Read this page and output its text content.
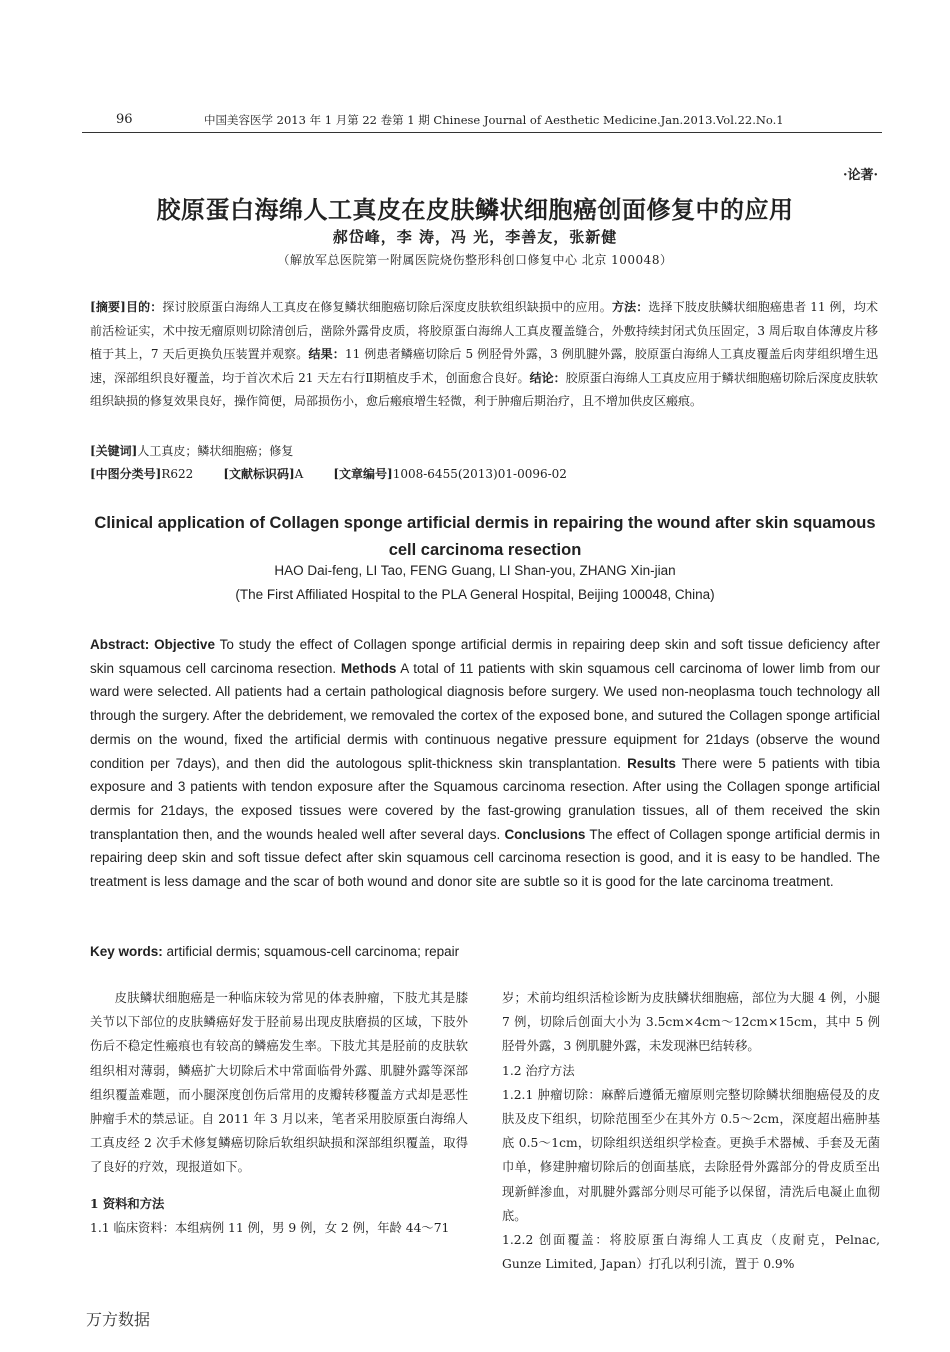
96	中国美容医学 2013 年 1 月第 22 卷第 1 期 Chinese Journal of Aesthetic Medicine.Jan.2013.Vol.22.No.1
·论著·
胶原蛋白海绵人工真皮在皮肤鳞状细胞癌创面修复中的应用
郝岱峰，李 涛，冯 光，李善友，张新健
（解放军总医院第一附属医院烧伤整形科创口修复中心 北京 100048）
[摘要]目的：探讨胶原蛋白海绵人工真皮在修复鳞状细胞癌切除后深度皮肤软组织缺损中的应用。方法：选择下肢皮肤鳞状细胞癌患者 11 例，均术前活检证实，术中按无瘤原则切除清创后，凿除外露骨皮质，将胶原蛋白海绵人工真皮覆盖缝合，外敷持续封闭式负压固定，3 周后取自体薄皮片移植于其上，7 天后更换负压装置并观察。结果：11 例患者鳞癌切除后 5 例胫骨外露，3 例肌腱外露，胶原蛋白海绵人工真皮覆盖后肉芽组织增生迅速，深部组织良好覆盖，均于首次术后 21 天左右行Ⅱ期植皮手术，创面愈合良好。结论：胶原蛋白海绵人工真皮应用于鳞状细胞癌切除后深度皮肤软组织缺损的修复效果良好，操作简便，局部损伤小，愈后瘢痕增生轻微，利于肿瘤后期治疗，且不增加供皮区瘢痕。
[关键词]人工真皮；鳞状细胞癌；修复
[中图分类号]R622	[文献标识码]A	[文章编号]1008-6455(2013)01-0096-02
Clinical application of Collagen sponge artificial dermis in repairing the wound after skin squamous cell carcinoma resection
HAO Dai-feng, LI Tao, FENG Guang, LI Shan-you, ZHANG Xin-jian
(The First Affiliated Hospital to the PLA General Hospital, Beijing 100048, China)
Abstract: Objective To study the effect of Collagen sponge artificial dermis in repairing deep skin and soft tissue deficiency after skin squamous cell carcinoma resection. Methods A total of 11 patients with skin squamous cell carcinoma of lower limb from our ward were selected. All patients had a certain pathological diagnosis before surgery. We used non-neoplasma touch technology all through the surgery. After the debridement, we removaled the cortex of the exposed bone, and sutured the Collagen sponge artificial dermis on the wound, fixed the artificial dermis with continuous negative pressure equipment for 21days (observe the wound condition per 7days), and then did the autologous split-thickness skin transplantation. Results There were 5 patients with tibia exposure and 3 patients with tendon exposure after the Squamous carcinoma resection. After using the Collagen sponge artificial dermis for 21days, the exposed tissues were covered by the fast-growing granulation tissues, all of them received the skin transplantation then, and the wounds healed well after several days. Conclusions The effect of Collagen sponge artificial dermis in repairing deep skin and soft tissue defect after skin squamous cell carcinoma resection is good, and it is easy to be handled. The treatment is less damage and the scar of both wound and donor site are subtle so it is good for the late carcinoma treatment.
Key words: artificial dermis; squamous-cell carcinoma; repair

皮肤鳞状细胞癌是一种临床较为常见的体表肿瘤，下肢尤其是膝关节以下部位的皮肤鳞癌好发于胫前易出现皮肤磨损的区域，下肢外伤后不稳定性瘢痕也有较高的鳞癌发生率。下肢尤其是胫前的皮肤软组织相对薄弱，鳞癌扩大切除后术中常面临骨外露、肌腱外露等深部组织覆盖难题，而小腿深度创伤后常用的皮瓣转移覆盖方式却是恶性肿瘤手术的禁忌证。自 2011 年 3 月以来，笔者采用胶原蛋白海绵人工真皮经 2 次手术修复鳞癌切除后软组织缺损和深部组织覆盖，取得了良好的疗效，现报道如下。

1 资料和方法

1.1 临床资料：本组病例 11 例，男 9 例，女 2 例，年龄 44～71

岁；术前均组织活检诊断为皮肤鳞状细胞癌，部位为大腿 4 例，小腿 7 例，切除后创面大小为 3.5cm×4cm～12cm×15cm，其中 5 例胫骨外露，3 例肌腱外露，未发现淋巴结转移。

1.2 治疗方法

1.2.1 肿瘤切除：麻醉后遵循无瘤原则完整切除鳞状细胞癌侵及的皮肤及皮下组织，切除范围至少在其外方 0.5～2cm，深度超出癌肿基底 0.5～1cm，切除组织送组织学检查。更换手术器械、手套及无菌巾单，修建肿瘤切除后的创面基底，去除胫骨外露部分的骨皮质至出现新鲜渗血，对肌腱外露部分则尽可能予以保留，清洗后电凝止血彻底。

1.2.2 创面覆盖：将胶原蛋白海绵人工真皮（皮耐克，Pelnac, Gunze Limited, Japan）打孔以利引流，置于 0.9%

万方数据
